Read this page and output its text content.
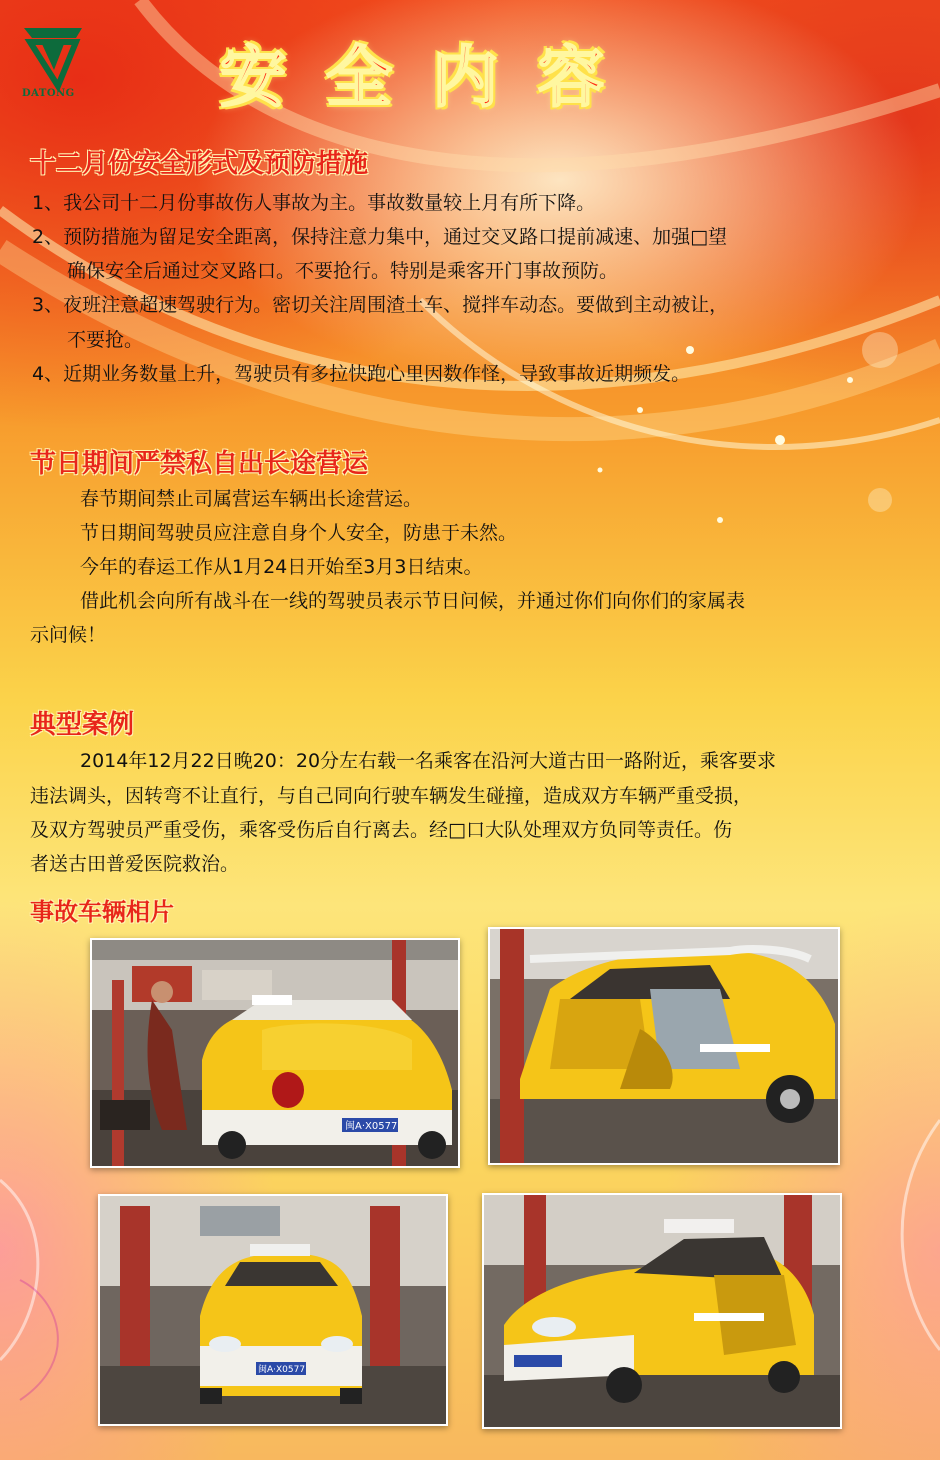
DATONG 安全内容
十二月份安全形式及预防措施
1、我公司十二月份事故伤人事故为主。事故数量较上月有所下降。
2、预防措施为留足安全距离，保持注意力集中，通过交叉路口提前减速、加强□望
确保安全后通过交叉路口。不要抢行。特别是乘客开门事故预防。
3、夜班注意超速驾驶行为。密切关注周围渣土车、搅拌车动态。要做到主动被让，
不要抢。
4、近期业务数量上升，驾驶员有多拉快跑心里因数作怪，导致事故近期频发。
节日期间严禁私自出长途营运
春节期间禁止司属营运车辆出长途营运。
节日期间驾驶员应注意自身个人安全，防患于未然。
今年的春运工作从1月24日开始至3月3日结束。
借此机会向所有战斗在一线的驾驶员表示节日问候，并通过你们向你们的家属表
示问候！
典型案例
2014年12月22日晚20：20分左右载一名乘客在沿河大道古田一路附近，乘客要求
违法调头，因转弯不让直行，与自己同向行驶车辆发生碰撞，造成双方车辆严重受损，
及双方驾驶员严重受伤，乘客受伤后自行离去。经□口大队处理双方负同等责任。伤
者送古田普爱医院救治。
事故车辆相片
闽A·X0577
闽A·X0577
